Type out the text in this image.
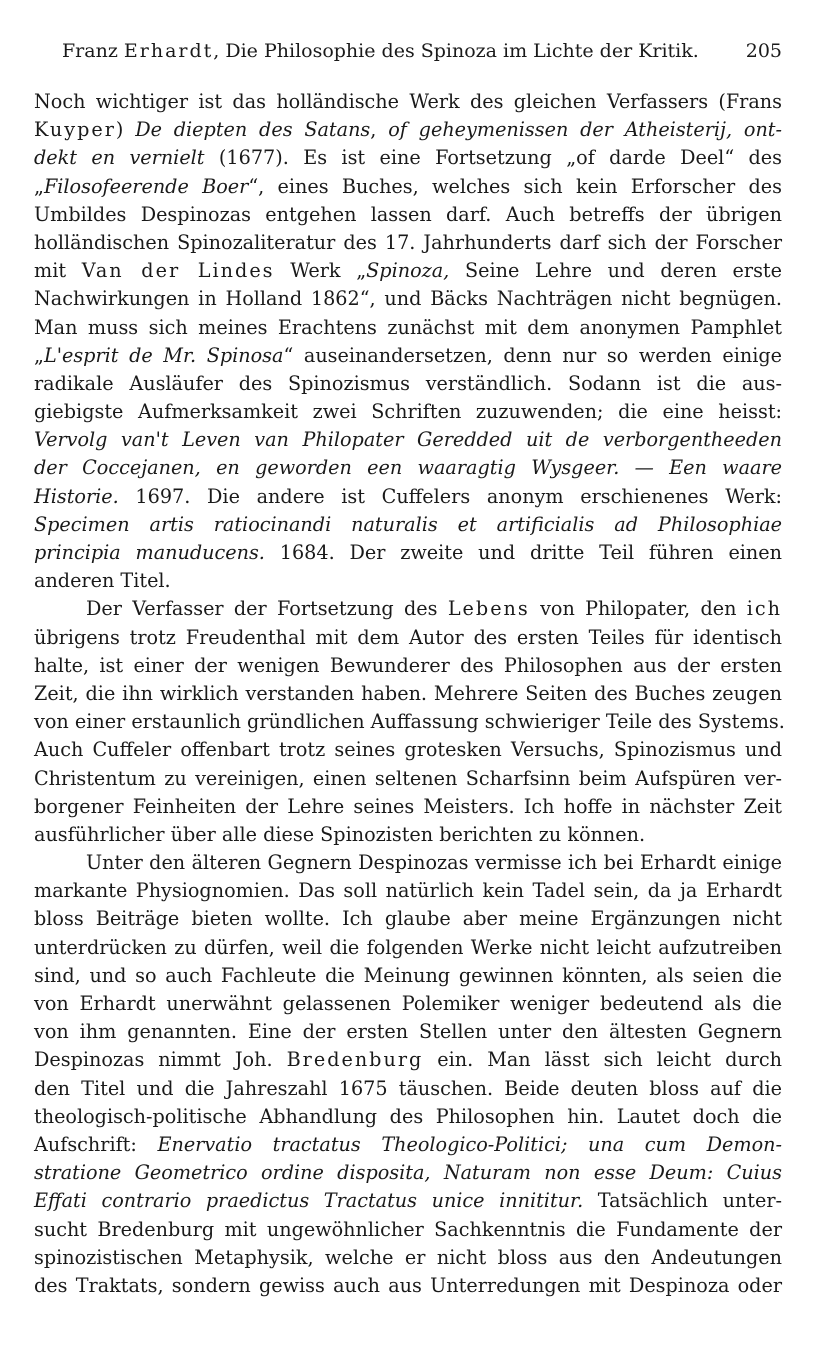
Franz Erhardt, Die Philosophie des Spinoza im Lichte der Kritik. 205
Noch wichtiger ist das holländische Werk des gleichen Verfassers (Frans
Kuyper) De diepten des Satans, of geheymenissen der Atheisterij, ont-
dekt en vernielt (1677). Es ist eine Fortsetzung „of darde Deel“ des
„Filosofeerende Boer“, eines Buches, welches sich kein Erforscher des
Umbildes Despinozas entgehen lassen darf. Auch betreffs der übrigen
holländischen Spinozaliteratur des 17. Jahrhunderts darf sich der Forscher
mit Van der Lindes Werk „Spinoza, Seine Lehre und deren erste
Nachwirkungen in Holland 1862“, und Bäcks Nachträgen nicht begnügen.
Man muss sich meines Erachtens zunächst mit dem anonymen Pamphlet
„L'esprit de Mr. Spinosa“ auseinandersetzen, denn nur so werden einige
radikale Ausläufer des Spinozismus verständlich. Sodann ist die aus-
giebigste Aufmerksamkeit zwei Schriften zuzuwenden; die eine heisst:
Vervolg van't Leven van Philopater Geredded uit de verborgentheeden
der Coccejanen, en geworden een waaragtig Wysgeer. — Een waare
Historie. 1697. Die andere ist Cuffelers anonym erschienenes Werk:
Specimen artis ratiocinandi naturalis et artificialis ad Philosophiae
principia manuducens. 1684. Der zweite und dritte Teil führen einen
anderen Titel.
Der Verfasser der Fortsetzung des Lebens von Philopater, den ich
übrigens trotz Freudenthal mit dem Autor des ersten Teiles für identisch
halte, ist einer der wenigen Bewunderer des Philosophen aus der ersten
Zeit, die ihn wirklich verstanden haben. Mehrere Seiten des Buches zeugen
von einer erstaunlich gründlichen Auffassung schwieriger Teile des Systems.
Auch Cuffeler offenbart trotz seines grotesken Versuchs, Spinozismus und
Christentum zu vereinigen, einen seltenen Scharfsinn beim Aufspüren ver-
borgener Feinheiten der Lehre seines Meisters. Ich hoffe in nächster Zeit
ausführlicher über alle diese Spinozisten berichten zu können.
Unter den älteren Gegnern Despinozas vermisse ich bei Erhardt einige
markante Physiognomien. Das soll natürlich kein Tadel sein, da ja Erhardt
bloss Beiträge bieten wollte. Ich glaube aber meine Ergänzungen nicht
unterdrücken zu dürfen, weil die folgenden Werke nicht leicht aufzutreiben
sind, und so auch Fachleute die Meinung gewinnen könnten, als seien die
von Erhardt unerwähnt gelassenen Polemiker weniger bedeutend als die
von ihm genannten. Eine der ersten Stellen unter den ältesten Gegnern
Despinozas nimmt Joh. Bredenburg ein. Man lässt sich leicht durch
den Titel und die Jahreszahl 1675 täuschen. Beide deuten bloss auf die
theologisch-politische Abhandlung des Philosophen hin. Lautet doch die
Aufschrift: Enervatio tractatus Theologico-Politici; una cum Demon-
stratione Geometrico ordine disposita, Naturam non esse Deum: Cuius
Effati contrario praedictus Tractatus unice innititur. Tatsächlich unter-
sucht Bredenburg mit ungewöhnlicher Sachkenntnis die Fundamente der
spinozistischen Metaphysik, welche er nicht bloss aus den Andeutungen
des Traktats, sondern gewiss auch aus Unterredungen mit Despinoza oder
